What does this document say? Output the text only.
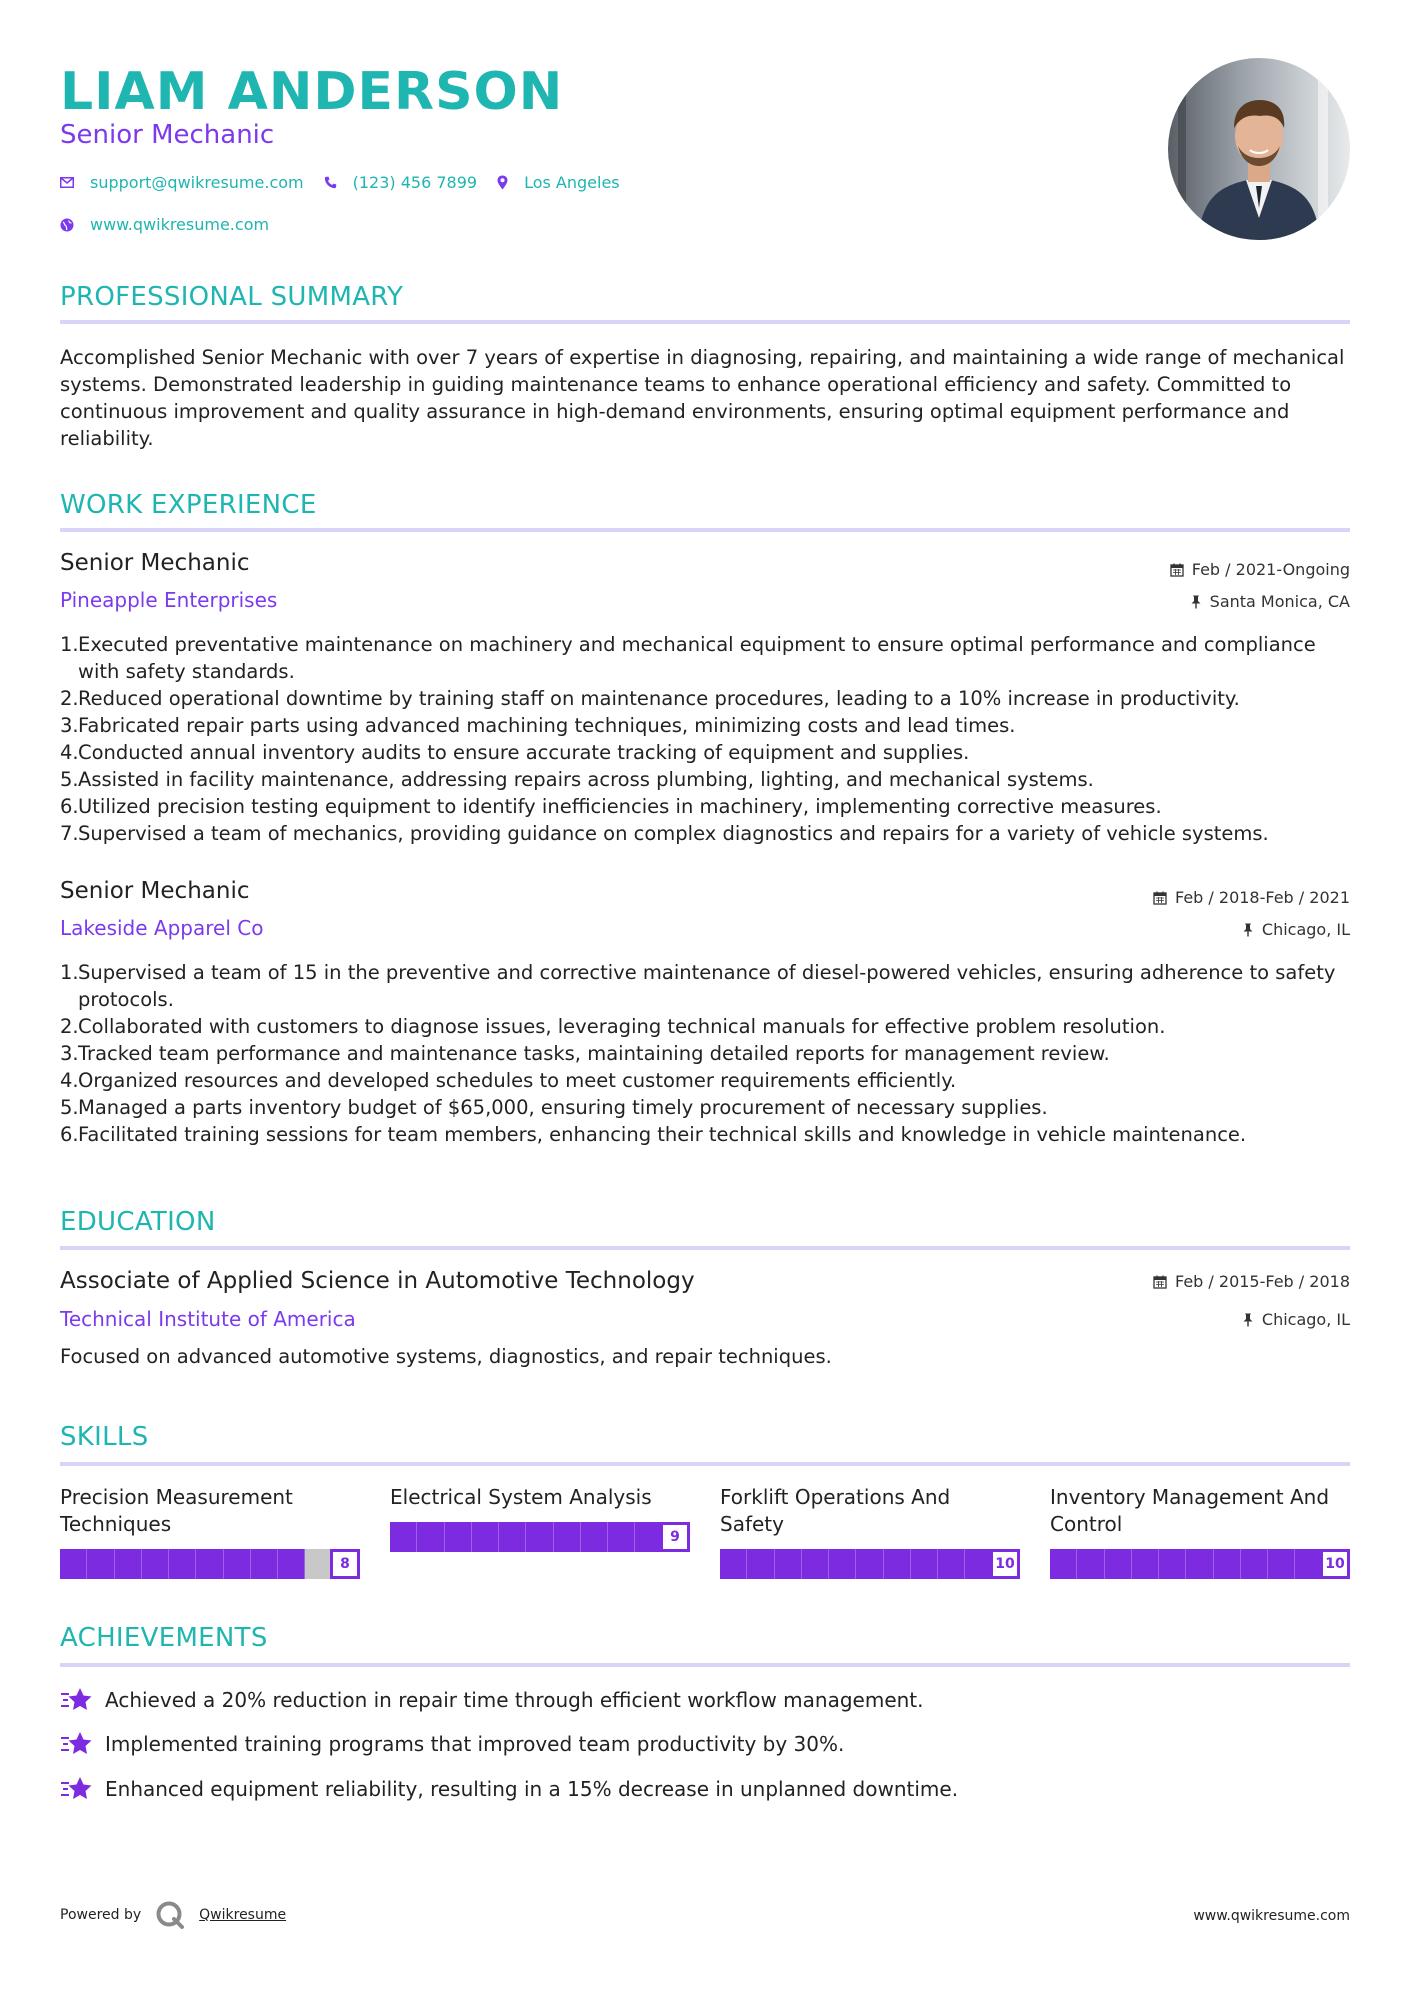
LIAM ANDERSON
Senior Mechanic
support@qwikresume.com	(123) 456 7899	Los Angeles
www.qwikresume.com
PROFESSIONAL SUMMARY
Accomplished Senior Mechanic with over 7 years of expertise in diagnosing, repairing, and maintaining a wide range of mechanical systems. Demonstrated leadership in guiding maintenance teams to enhance operational efficiency and safety. Committed to continuous improvement and quality assurance in high-demand environments, ensuring optimal equipment performance and reliability.
WORK EXPERIENCE
Senior Mechanic	Feb / 2021-Ongoing
Pineapple Enterprises	Santa Monica, CA
1. Executed preventative maintenance on machinery and mechanical equipment to ensure optimal performance and compliance with safety standards.
2. Reduced operational downtime by training staff on maintenance procedures, leading to a 10% increase in productivity.
3. Fabricated repair parts using advanced machining techniques, minimizing costs and lead times.
4. Conducted annual inventory audits to ensure accurate tracking of equipment and supplies.
5. Assisted in facility maintenance, addressing repairs across plumbing, lighting, and mechanical systems.
6. Utilized precision testing equipment to identify inefficiencies in machinery, implementing corrective measures.
7. Supervised a team of mechanics, providing guidance on complex diagnostics and repairs for a variety of vehicle systems.
Senior Mechanic	Feb / 2018-Feb / 2021
Lakeside Apparel Co	Chicago, IL
1. Supervised a team of 15 in the preventive and corrective maintenance of diesel-powered vehicles, ensuring adherence to safety protocols.
2. Collaborated with customers to diagnose issues, leveraging technical manuals for effective problem resolution.
3. Tracked team performance and maintenance tasks, maintaining detailed reports for management review.
4. Organized resources and developed schedules to meet customer requirements efficiently.
5. Managed a parts inventory budget of $65,000, ensuring timely procurement of necessary supplies.
6. Facilitated training sessions for team members, enhancing their technical skills and knowledge in vehicle maintenance.
EDUCATION
Associate of Applied Science in Automotive Technology	Feb / 2015-Feb / 2018
Technical Institute of America	Chicago, IL
Focused on advanced automotive systems, diagnostics, and repair techniques.
SKILLS
Precision Measurement Techniques
8
Electrical System Analysis
9
Forklift Operations And Safety
10
Inventory Management And Control
10
ACHIEVEMENTS
Achieved a 20% reduction in repair time through efficient workflow management.
Implemented training programs that improved team productivity by 30%.
Enhanced equipment reliability, resulting in a 15% decrease in unplanned downtime.
Powered by	Qwikresume	www.qwikresume.com
